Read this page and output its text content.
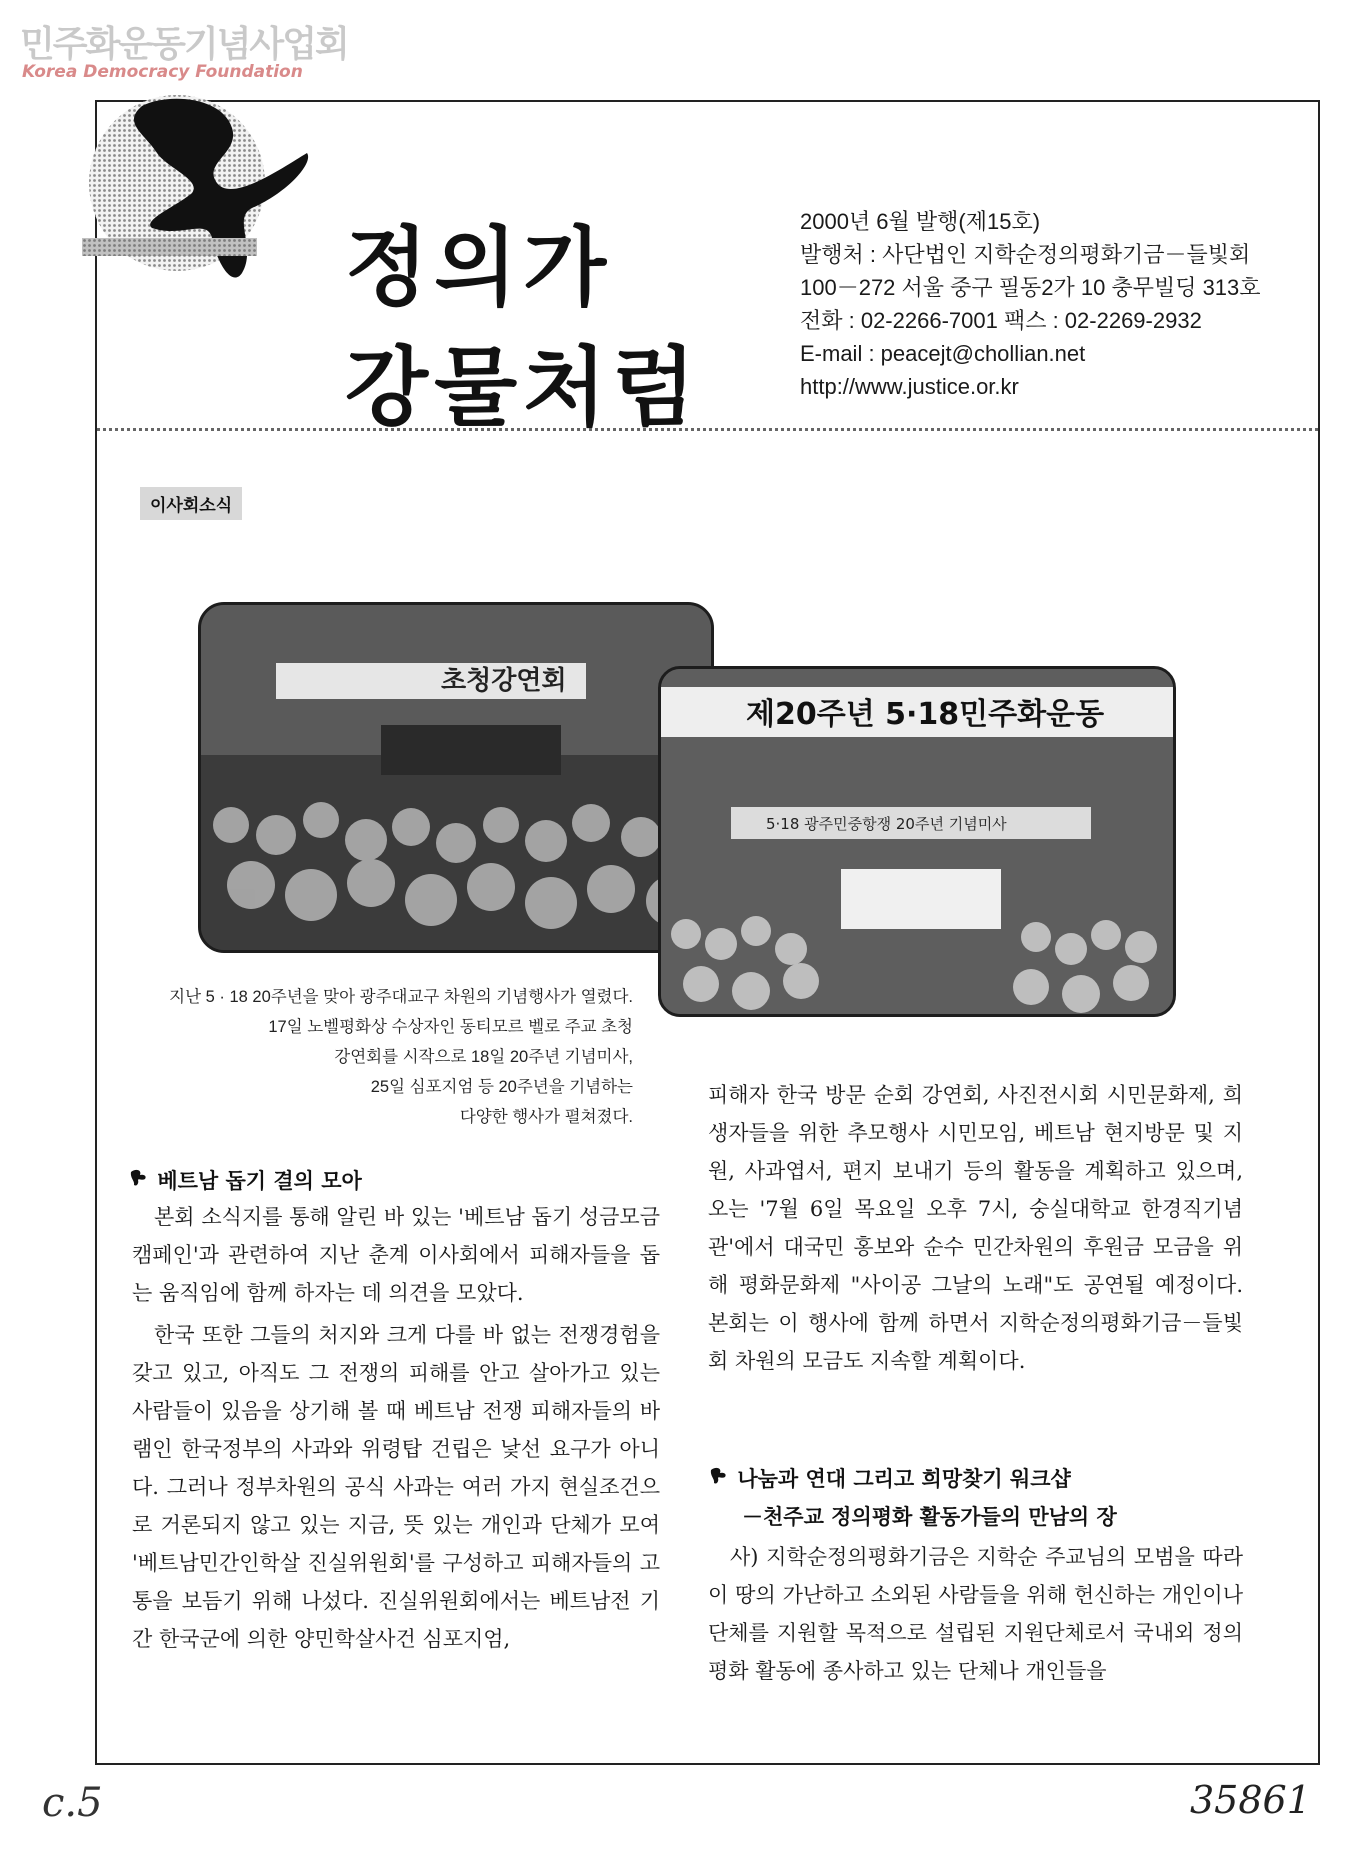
민주화운동기념사업회
Korea Democracy Foundation
정의가
강물처럼
2000년 6월 발행(제15호)
발행처 : 사단법인 지학순정의평화기금－들빛회
100－272 서울 중구 필동2가 10 충무빌딩 313호
전화 : 02-2266-7001 팩스 : 02-2269-2932
E-mail : peacejt@chollian.net
http://www.justice.or.kr
이사회소식
초청강연회
제20주년 5·18민주화운동
5·18 광주민중항쟁 20주년 기념미사
지난 5 · 18 20주년을 맞아 광주대교구 차원의 기념행사가 열렸다.
17일 노벨평화상 수상자인 동티모르 벨로 주교 초청
강연회를 시작으로 18일 20주년 기념미사,
25일 심포지엄 등 20주년을 기념하는
다양한 행사가 펼쳐졌다.
베트남 돕기 결의 모아

본회 소식지를 통해 알린 바 있는 '베트남 돕기 성금모금 캠페인'과 관련하여 지난 춘계 이사회에서 피해자들을 돕는 움직임에 함께 하자는 데 의견을 모았다.

한국 또한 그들의 처지와 크게 다를 바 없는 전쟁경험을 갖고 있고, 아직도 그 전쟁의 피해를 안고 살아가고 있는 사람들이 있음을 상기해 볼 때 베트남 전쟁 피해자들의 바램인 한국정부의 사과와 위령탑 건립은 낯선 요구가 아니다. 그러나 정부차원의 공식 사과는 여러 가지 현실조건으로 거론되지 않고 있는 지금, 뜻 있는 개인과 단체가 모여 '베트남민간인학살 진실위원회'를 구성하고 피해자들의 고통을 보듬기 위해 나섰다. 진실위원회에서는 베트남전 기간 한국군에 의한 양민학살사건 심포지엄,

피해자 한국 방문 순회 강연회, 사진전시회 시민문화제, 희생자들을 위한 추모행사 시민모임, 베트남 현지방문 및 지원, 사과엽서, 편지 보내기 등의 활동을 계획하고 있으며, 오는 '7월 6일 목요일 오후 7시, 숭실대학교 한경직기념관'에서 대국민 홍보와 순수 민간차원의 후원금 모금을 위해 평화문화제 "사이공 그날의 노래"도 공연될 예정이다. 본회는 이 행사에 함께 하면서 지학순정의평화기금－들빛회 차원의 모금도 지속할 계획이다.

나눔과 연대 그리고 희망찾기 워크샵
－천주교 정의평화 활동가들의 만남의 장

사) 지학순정의평화기금은 지학순 주교님의 모범을 따라 이 땅의 가난하고 소외된 사람들을 위해 헌신하는 개인이나 단체를 지원할 목적으로 설립된 지원단체로서 국내외 정의평화 활동에 종사하고 있는 단체나 개인들을

c.5	35861
